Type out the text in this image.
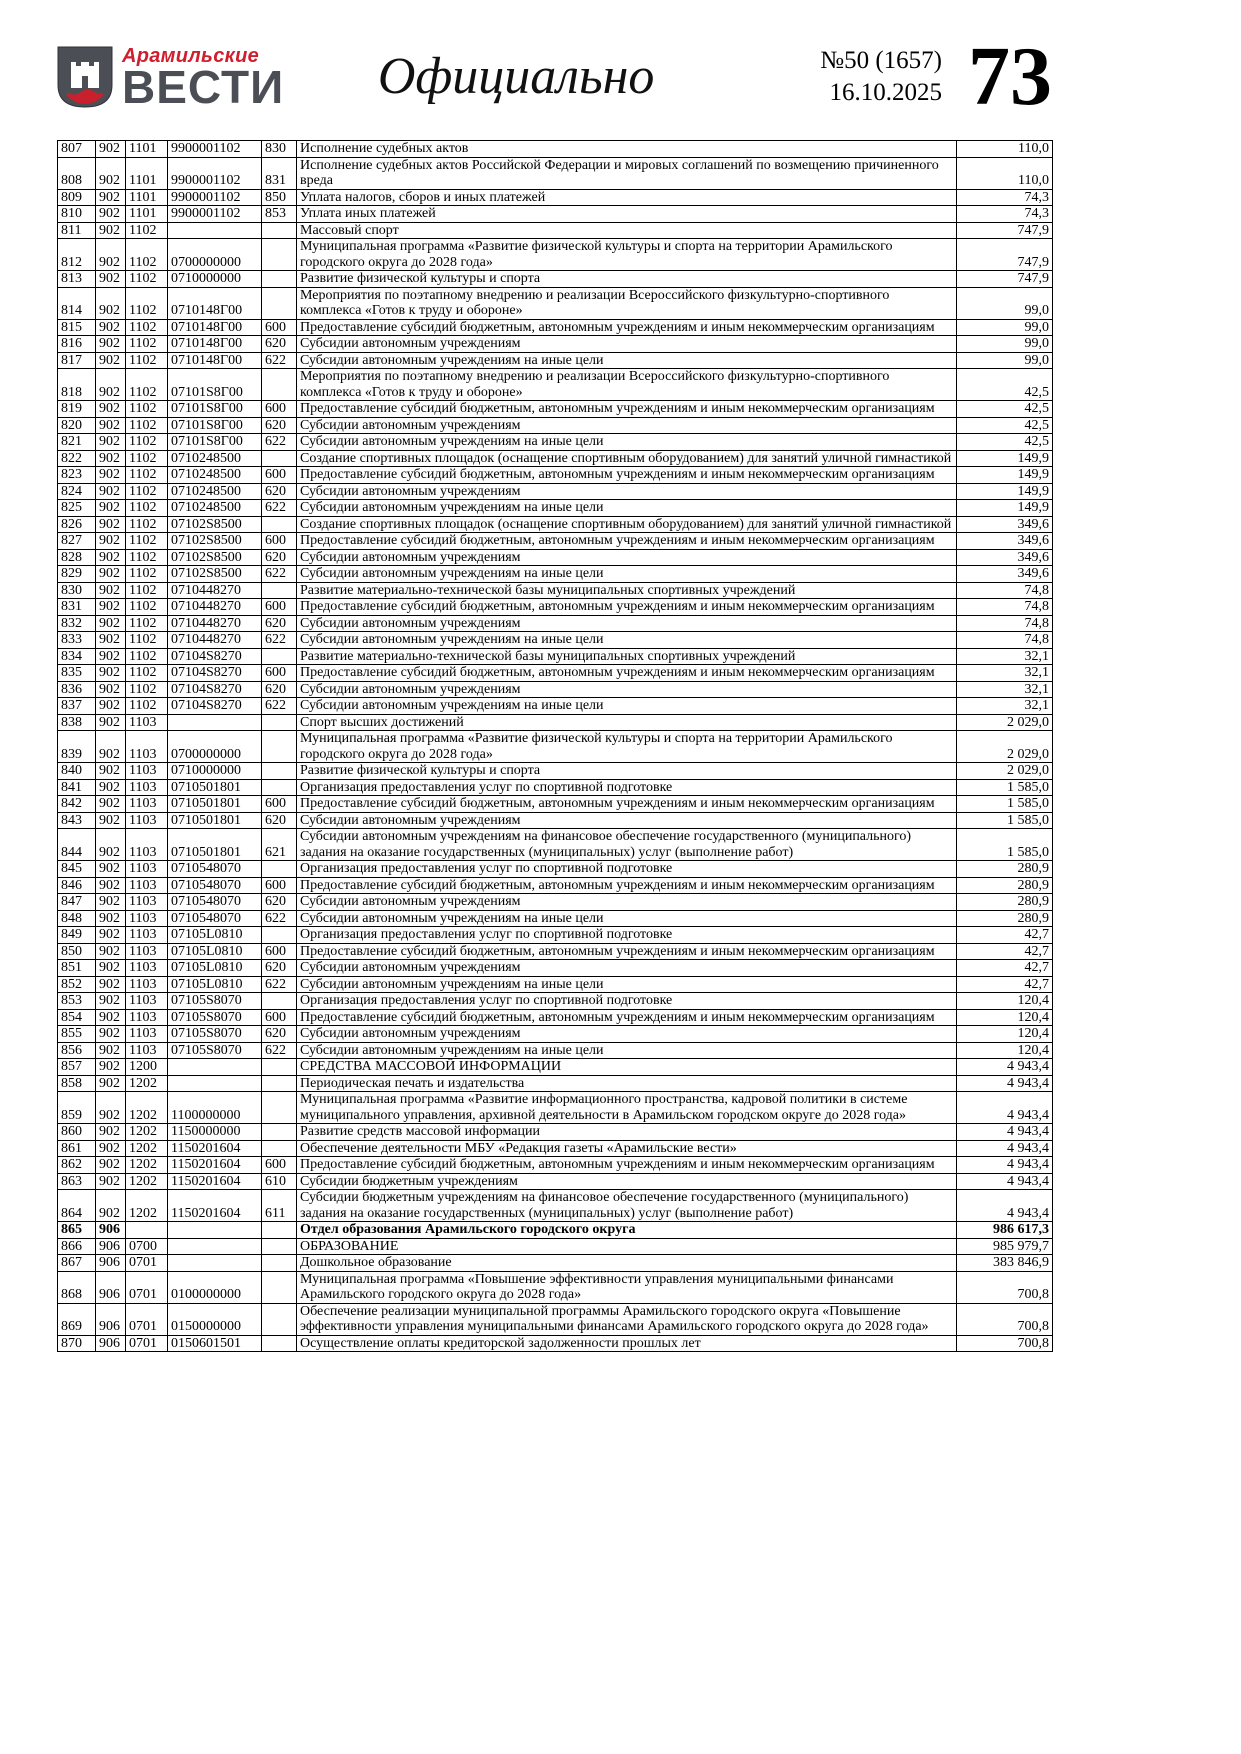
Арамильские
ВЕСТИ	Официально	№50 (1657)
16.10.2025 73
807	902	1101	9900001102	830	Исполнение судебных актов	110,0
808	902	1101	9900001102	831	Исполнение судебных актов Российской Федерации и мировых соглашений по возмещению причиненного вреда	110,0
809	902	1101	9900001102	850	Уплата налогов, сборов и иных платежей	74,3
810	902	1101	9900001102	853	Уплата иных платежей	74,3
811	902	1102			Массовый спорт	747,9
812	902	1102	0700000000		Муниципальная программа «Развитие физической культуры и спорта на территории Арамильского городского округа до 2028 года»	747,9
813	902	1102	0710000000		Развитие физической культуры и спорта	747,9
814	902	1102	0710148Г00		Мероприятия по поэтапному внедрению и реализации Всероссийского физкультурно-спортивного комплекса «Готов к труду и обороне»	99,0
815	902	1102	0710148Г00	600	Предоставление субсидий бюджетным, автономным учреждениям и иным некоммерческим организациям	99,0
816	902	1102	0710148Г00	620	Субсидии автономным учреждениям	99,0
817	902	1102	0710148Г00	622	Субсидии автономным учреждениям на иные цели	99,0
818	902	1102	07101S8Г00		Мероприятия по поэтапному внедрению и реализации Всероссийского физкультурно-спортивного комплекса «Готов к труду и обороне»	42,5
819	902	1102	07101S8Г00	600	Предоставление субсидий бюджетным, автономным учреждениям и иным некоммерческим организациям	42,5
820	902	1102	07101S8Г00	620	Субсидии автономным учреждениям	42,5
821	902	1102	07101S8Г00	622	Субсидии автономным учреждениям на иные цели	42,5
822	902	1102	0710248500		Создание спортивных площадок (оснащение спортивным оборудованием) для занятий уличной гимнастикой	149,9
823	902	1102	0710248500	600	Предоставление субсидий бюджетным, автономным учреждениям и иным некоммерческим организациям	149,9
824	902	1102	0710248500	620	Субсидии автономным учреждениям	149,9
825	902	1102	0710248500	622	Субсидии автономным учреждениям на иные цели	149,9
826	902	1102	07102S8500		Создание спортивных площадок (оснащение спортивным оборудованием) для занятий уличной гимнастикой	349,6
827	902	1102	07102S8500	600	Предоставление субсидий бюджетным, автономным учреждениям и иным некоммерческим организациям	349,6
828	902	1102	07102S8500	620	Субсидии автономным учреждениям	349,6
829	902	1102	07102S8500	622	Субсидии автономным учреждениям на иные цели	349,6
830	902	1102	0710448270		Развитие материально-технической базы муниципальных спортивных учреждений	74,8
831	902	1102	0710448270	600	Предоставление субсидий бюджетным, автономным учреждениям и иным некоммерческим организациям	74,8
832	902	1102	0710448270	620	Субсидии автономным учреждениям	74,8
833	902	1102	0710448270	622	Субсидии автономным учреждениям на иные цели	74,8
834	902	1102	07104S8270		Развитие материально-технической базы муниципальных спортивных учреждений	32,1
835	902	1102	07104S8270	600	Предоставление субсидий бюджетным, автономным учреждениям и иным некоммерческим организациям	32,1
836	902	1102	07104S8270	620	Субсидии автономным учреждениям	32,1
837	902	1102	07104S8270	622	Субсидии автономным учреждениям на иные цели	32,1
838	902	1103			Спорт высших достижений	2 029,0
839	902	1103	0700000000		Муниципальная программа «Развитие физической культуры и спорта на территории Арамильского городского округа до 2028 года»	2 029,0
840	902	1103	0710000000		Развитие физической культуры и спорта	2 029,0
841	902	1103	0710501801		Организация предоставления услуг по спортивной подготовке	1 585,0
842	902	1103	0710501801	600	Предоставление субсидий бюджетным, автономным учреждениям и иным некоммерческим организациям	1 585,0
843	902	1103	0710501801	620	Субсидии автономным учреждениям	1 585,0
844	902	1103	0710501801	621	Субсидии автономным учреждениям на финансовое обеспечение государственного (муниципального) задания на оказание государственных (муниципальных) услуг (выполнение работ)	1 585,0
845	902	1103	0710548070		Организация предоставления услуг по спортивной подготовке	280,9
846	902	1103	0710548070	600	Предоставление субсидий бюджетным, автономным учреждениям и иным некоммерческим организациям	280,9
847	902	1103	0710548070	620	Субсидии автономным учреждениям	280,9
848	902	1103	0710548070	622	Субсидии автономным учреждениям на иные цели	280,9
849	902	1103	07105L0810		Организация предоставления услуг по спортивной подготовке	42,7
850	902	1103	07105L0810	600	Предоставление субсидий бюджетным, автономным учреждениям и иным некоммерческим организациям	42,7
851	902	1103	07105L0810	620	Субсидии автономным учреждениям	42,7
852	902	1103	07105L0810	622	Субсидии автономным учреждениям на иные цели	42,7
853	902	1103	07105S8070		Организация предоставления услуг по спортивной подготовке	120,4
854	902	1103	07105S8070	600	Предоставление субсидий бюджетным, автономным учреждениям и иным некоммерческим организациям	120,4
855	902	1103	07105S8070	620	Субсидии автономным учреждениям	120,4
856	902	1103	07105S8070	622	Субсидии автономным учреждениям на иные цели	120,4
857	902	1200			СРЕДСТВА МАССОВОЙ ИНФОРМАЦИИ	4 943,4
858	902	1202			Периодическая печать и издательства	4 943,4
859	902	1202	1100000000		Муниципальная программа «Развитие информационного пространства, кадровой политики в системе муниципального управления, архивной деятельности в Арамильском городском округе до 2028 года»	4 943,4
860	902	1202	1150000000		Развитие средств массовой информации	4 943,4
861	902	1202	1150201604		Обеспечение деятельности МБУ «Редакция газеты «Арамильские вести»	4 943,4
862	902	1202	1150201604	600	Предоставление субсидий бюджетным, автономным учреждениям и иным некоммерческим организациям	4 943,4
863	902	1202	1150201604	610	Субсидии бюджетным учреждениям	4 943,4
864	902	1202	1150201604	611	Субсидии бюджетным учреждениям на финансовое обеспечение государственного (муниципального) задания на оказание государственных (муниципальных) услуг (выполнение работ)	4 943,4
865	906				Отдел образования Арамильского городского округа	986 617,3
866	906	0700			ОБРАЗОВАНИЕ	985 979,7
867	906	0701			Дошкольное образование	383 846,9
868	906	0701	0100000000		Муниципальная программа «Повышение эффективности управления муниципальными финансами Арамильского городского округа до 2028 года»	700,8
869	906	0701	0150000000		Обеспечение реализации муниципальной программы Арамильского городского округа «Повышение эффективности управления муниципальными финансами Арамильского городского округа до 2028 года»	700,8
870	906	0701	0150601501		Осуществление оплаты кредиторской задолженности прошлых лет	700,8
